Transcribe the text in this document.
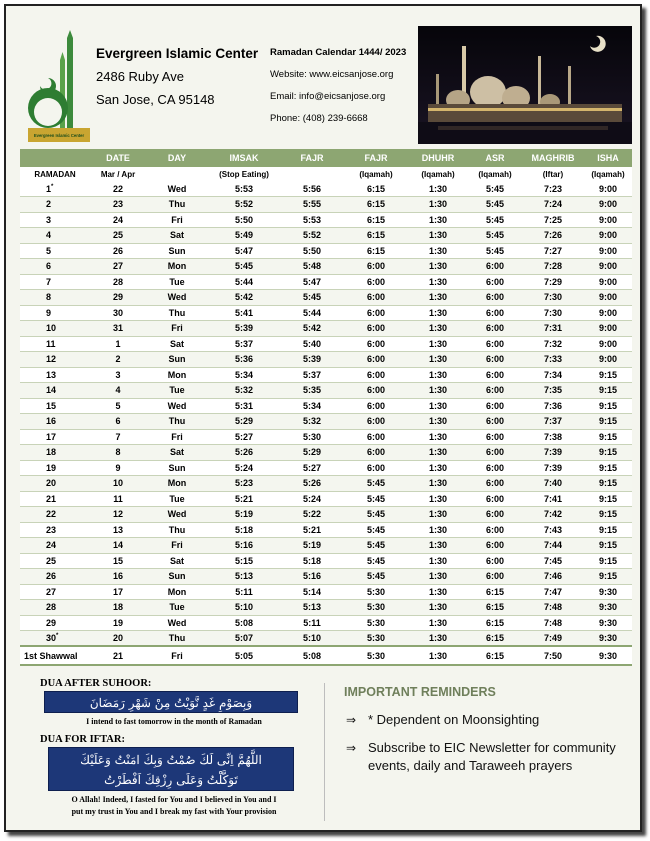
Evergreen Islamic Center
Evergreen Islamic Center
2486 Ruby Ave
San Jose, CA 95148
Ramadan Calendar 1444/ 2023
Website: www.eicsanjose.org
Email: info@eicsanjose.org
Phone: (408) 239-6668
	DATE	DAY	IMSAK	FAJR	FAJR	DHUHR	ASR	MAGHRIB	ISHA
RAMADAN	Mar / Apr		(Stop Eating)		(Iqamah)	(Iqamah)	(Iqamah)	(Iftar)	(Iqamah)
1*	22	Wed	5:53	5:56	6:15	1:30	5:45	7:23	9:00
2	23	Thu	5:52	5:55	6:15	1:30	5:45	7:24	9:00
3	24	Fri	5:50	5:53	6:15	1:30	5:45	7:25	9:00
4	25	Sat	5:49	5:52	6:15	1:30	5:45	7:26	9:00
5	26	Sun	5:47	5:50	6:15	1:30	5:45	7:27	9:00
6	27	Mon	5:45	5:48	6:00	1:30	6:00	7:28	9:00
7	28	Tue	5:44	5:47	6:00	1:30	6:00	7:29	9:00
8	29	Wed	5:42	5:45	6:00	1:30	6:00	7:30	9:00
9	30	Thu	5:41	5:44	6:00	1:30	6:00	7:30	9:00
10	31	Fri	5:39	5:42	6:00	1:30	6:00	7:31	9:00
11	1	Sat	5:37	5:40	6:00	1:30	6:00	7:32	9:00
12	2	Sun	5:36	5:39	6:00	1:30	6:00	7:33	9:00
13	3	Mon	5:34	5:37	6:00	1:30	6:00	7:34	9:15
14	4	Tue	5:32	5:35	6:00	1:30	6:00	7:35	9:15
15	5	Wed	5:31	5:34	6:00	1:30	6:00	7:36	9:15
16	6	Thu	5:29	5:32	6:00	1:30	6:00	7:37	9:15
17	7	Fri	5:27	5:30	6:00	1:30	6:00	7:38	9:15
18	8	Sat	5:26	5:29	6:00	1:30	6:00	7:39	9:15
19	9	Sun	5:24	5:27	6:00	1:30	6:00	7:39	9:15
20	10	Mon	5:23	5:26	5:45	1:30	6:00	7:40	9:15
21	11	Tue	5:21	5:24	5:45	1:30	6:00	7:41	9:15
22	12	Wed	5:19	5:22	5:45	1:30	6:00	7:42	9:15
23	13	Thu	5:18	5:21	5:45	1:30	6:00	7:43	9:15
24	14	Fri	5:16	5:19	5:45	1:30	6:00	7:44	9:15
25	15	Sat	5:15	5:18	5:45	1:30	6:00	7:45	9:15
26	16	Sun	5:13	5:16	5:45	1:30	6:00	7:46	9:15
27	17	Mon	5:11	5:14	5:30	1:30	6:15	7:47	9:30
28	18	Tue	5:10	5:13	5:30	1:30	6:15	7:48	9:30
29	19	Wed	5:08	5:11	5:30	1:30	6:15	7:48	9:30
30*	20	Thu	5:07	5:10	5:30	1:30	6:15	7:49	9:30
1st Shawwal	21	Fri	5:05	5:08	5:30	1:30	6:15	7:50	9:30
DUA AFTER SUHOOR:
وَبِصَوْمِ غَدٍ نَّوَيْتُ مِنْ شَهْرِ رَمَضَانَ
I intend to fast tomorrow in the month of Ramadan
DUA FOR IFTAR:
اللَّهُمَّ اِنِّى لَكَ صُمْتُ وَبِكَ امَنْتُ وَعَلَيْكَ
تَوَكَّلْتُ وَعَلَى رِزْقِكَ اَفْطَرْتُ
O Allah! Indeed, I fasted for You and I believed in You and I
put my trust in You and I break my fast with Your provision
IMPORTANT REMINDERS
⇒ * Dependent on Moonsighting
⇒ Subscribe to EIC Newsletter for community events, daily and Taraweeh prayers
